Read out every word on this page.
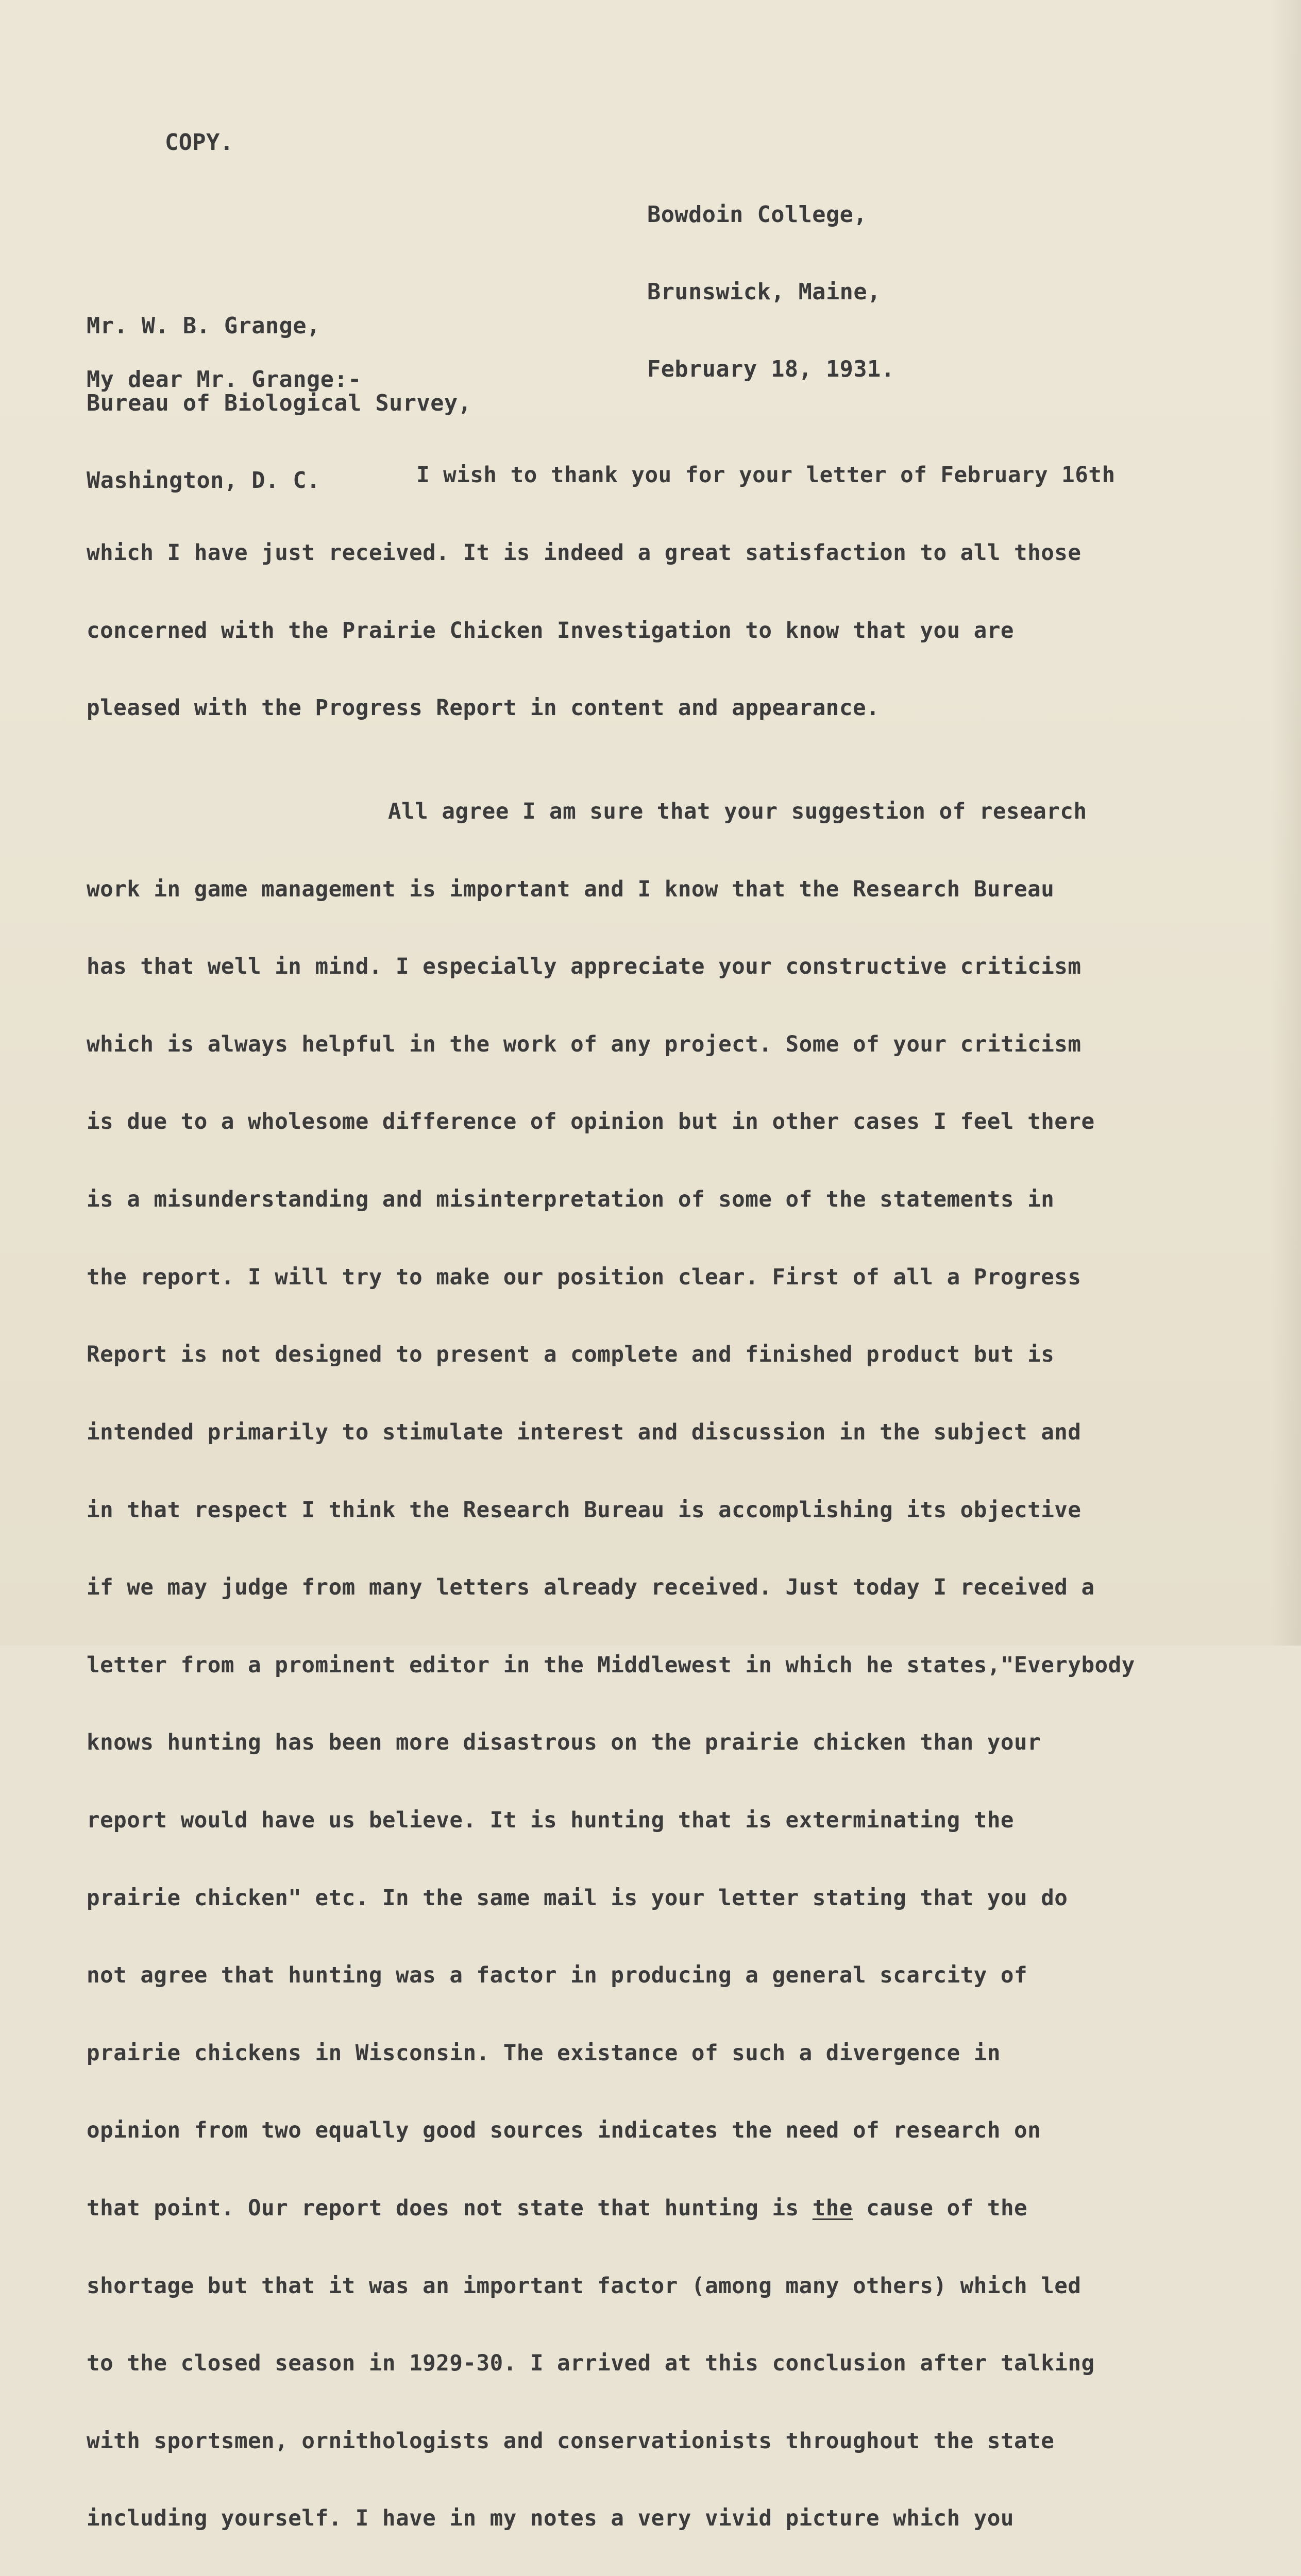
COPY.

Bowdoin College,

Brunswick, Maine,

February 18, 1931.

Mr. W. B. Grange,

Bureau of Biological Survey,

Washington, D. C.

My dear Mr. Grange:-

I wish to thank you for your letter of February 16th

which I have just received. It is indeed a great satisfaction to all those

concerned with the Prairie Chicken Investigation to know that you are

pleased with the Progress Report in content and appearance.

All agree I am sure that your suggestion of research

work in game management is important and I know that the Research Bureau

has that well in mind. I especially appreciate your constructive criticism

which is always helpful in the work of any project. Some of your criticism

is due to a wholesome difference of opinion but in other cases I feel there

is a misunderstanding and misinterpretation of some of the statements in

the report. I will try to make our position clear. First of all a Progress

Report is not designed to present a complete and finished product but is

intended primarily to stimulate interest and discussion in the subject and

in that respect I think the Research Bureau is accomplishing its objective

if we may judge from many letters already received. Just today I received a

letter from a prominent editor in the Middlewest in which he states,"Everybody

knows hunting has been more disastrous on the prairie chicken than your

report would have us believe. It is hunting that is exterminating the

prairie chicken" etc. In the same mail is your letter stating that you do

not agree that hunting was a factor in producing a general scarcity of

prairie chickens in Wisconsin. The existance of such a divergence in

opinion from two equally good sources indicates the need of research on

that point. Our report does not state that hunting is the cause of the

shortage but that it was an important factor (among many others) which led

to the closed season in 1929-30. I arrived at this conclusion after talking

with sportsmen, ornithologists and conservationists throughout the state

including yourself. I have in my notes a very vivid picture which you
